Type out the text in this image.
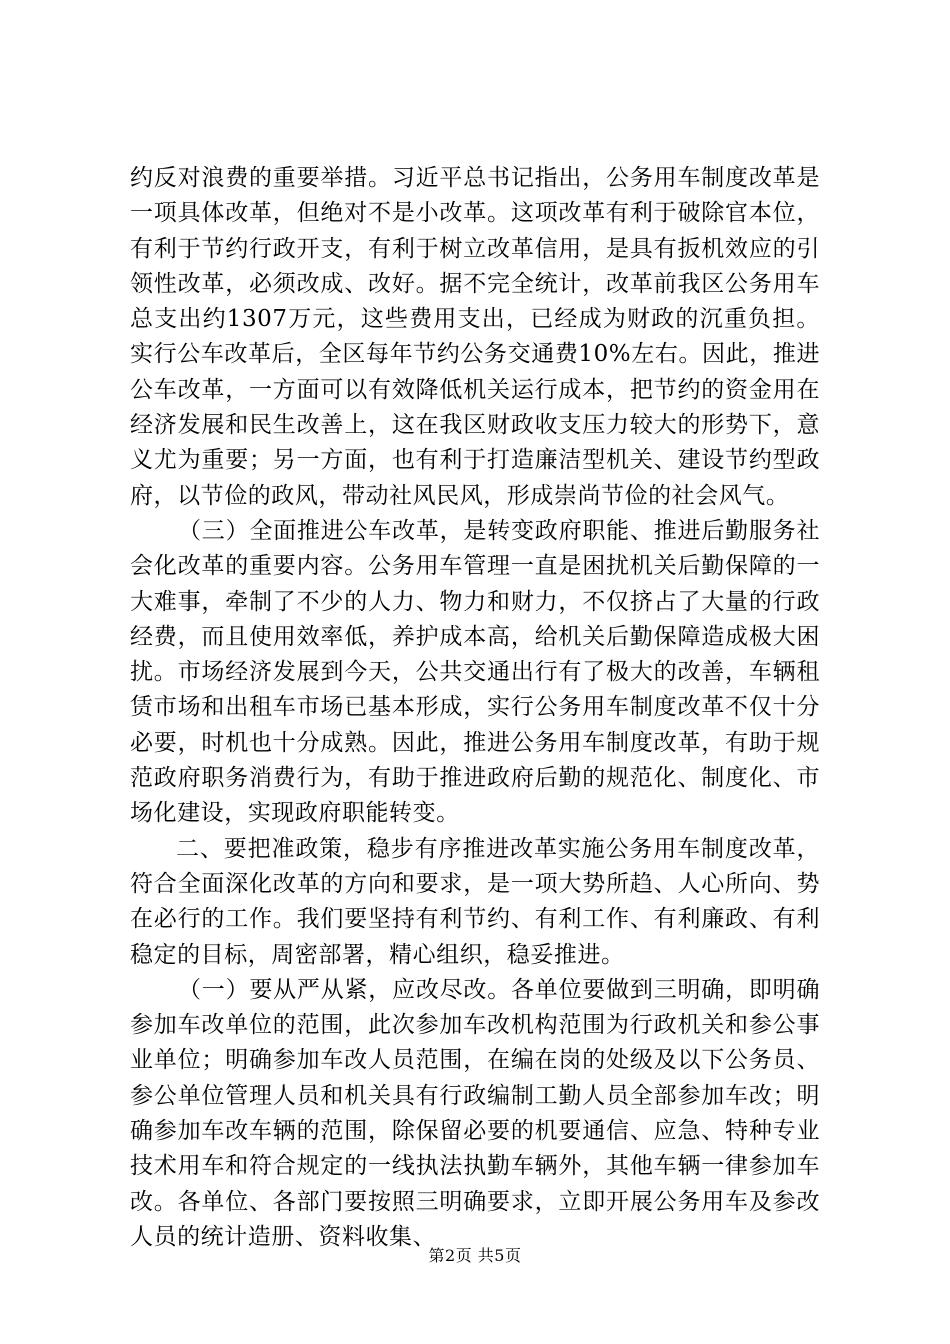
约反对浪费的重要举措。习近平总书记指出，公务用车制度改革是一项具体改革，但绝对不是小改革。这项改革有利于破除官本位，有利于节约行政开支，有利于树立改革信用，是具有扳机效应的引领性改革，必须改成、改好。据不完全统计，改革前我区公务用车总支出约1307万元，这些费用支出，已经成为财政的沉重负担。实行公车改革后，全区每年节约公务交通费10%左右。因此，推进公车改革，一方面可以有效降低机关运行成本，把节约的资金用在经济发展和民生改善上，这在我区财政收支压力较大的形势下，意义尤为重要；另一方面，也有利于打造廉洁型机关、建设节约型政府，以节俭的政风，带动社风民风，形成崇尚节俭的社会风气。

（三）全面推进公车改革，是转变政府职能、推进后勤服务社会化改革的重要内容。公务用车管理一直是困扰机关后勤保障的一大难事，牵制了不少的人力、物力和财力，不仅挤占了大量的行政经费，而且使用效率低，养护成本高，给机关后勤保障造成极大困扰。市场经济发展到今天，公共交通出行有了极大的改善，车辆租赁市场和出租车市场已基本形成，实行公务用车制度改革不仅十分必要，时机也十分成熟。因此，推进公务用车制度改革，有助于规范政府职务消费行为，有助于推进政府后勤的规范化、制度化、市场化建设，实现政府职能转变。

二、要把准政策，稳步有序推进改革实施公务用车制度改革，符合全面深化改革的方向和要求，是一项大势所趋、人心所向、势在必行的工作。我们要坚持有利节约、有利工作、有利廉政、有利稳定的目标，周密部署，精心组织，稳妥推进。

（一）要从严从紧，应改尽改。各单位要做到三明确，即明确参加车改单位的范围，此次参加车改机构范围为行政机关和参公事业单位；明确参加车改人员范围，在编在岗的处级及以下公务员、参公单位管理人员和机关具有行政编制工勤人员全部参加车改；明确参加车改车辆的范围，除保留必要的机要通信、应急、特种专业技术用车和符合规定的一线执法执勤车辆外，其他车辆一律参加车改。各单位、各部门要按照三明确要求，立即开展公务用车及参改人员的统计造册、资料收集、

第2页 共5页
